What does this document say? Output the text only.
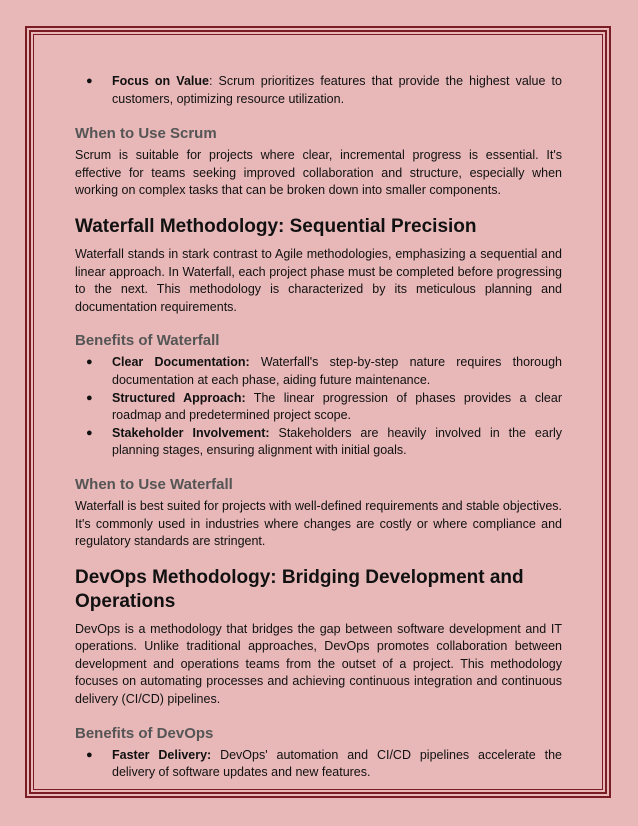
● Focus on Value: Scrum prioritizes features that provide the highest value to customers, optimizing resource utilization.
When to Use Scrum

Scrum is suitable for projects where clear, incremental progress is essential. It's effective for teams seeking improved collaboration and structure, especially when working on complex tasks that can be broken down into smaller components.

Waterfall Methodology: Sequential Precision

Waterfall stands in stark contrast to Agile methodologies, emphasizing a sequential and linear approach. In Waterfall, each project phase must be completed before progressing to the next. This methodology is characterized by its meticulous planning and documentation requirements.

Benefits of Waterfall
● Clear Documentation: Waterfall's step-by-step nature requires thorough documentation at each phase, aiding future maintenance.
● Structured Approach: The linear progression of phases provides a clear roadmap and predetermined project scope.
● Stakeholder Involvement: Stakeholders are heavily involved in the early planning stages, ensuring alignment with initial goals.
When to Use Waterfall

Waterfall is best suited for projects with well-defined requirements and stable objectives. It's commonly used in industries where changes are costly or where compliance and regulatory standards are stringent.

DevOps Methodology: Bridging Development and Operations

DevOps is a methodology that bridges the gap between software development and IT operations. Unlike traditional approaches, DevOps promotes collaboration between development and operations teams from the outset of a project. This methodology focuses on automating processes and achieving continuous integration and continuous delivery (CI/CD) pipelines.

Benefits of DevOps
● Faster Delivery: DevOps' automation and CI/CD pipelines accelerate the delivery of software updates and new features.
